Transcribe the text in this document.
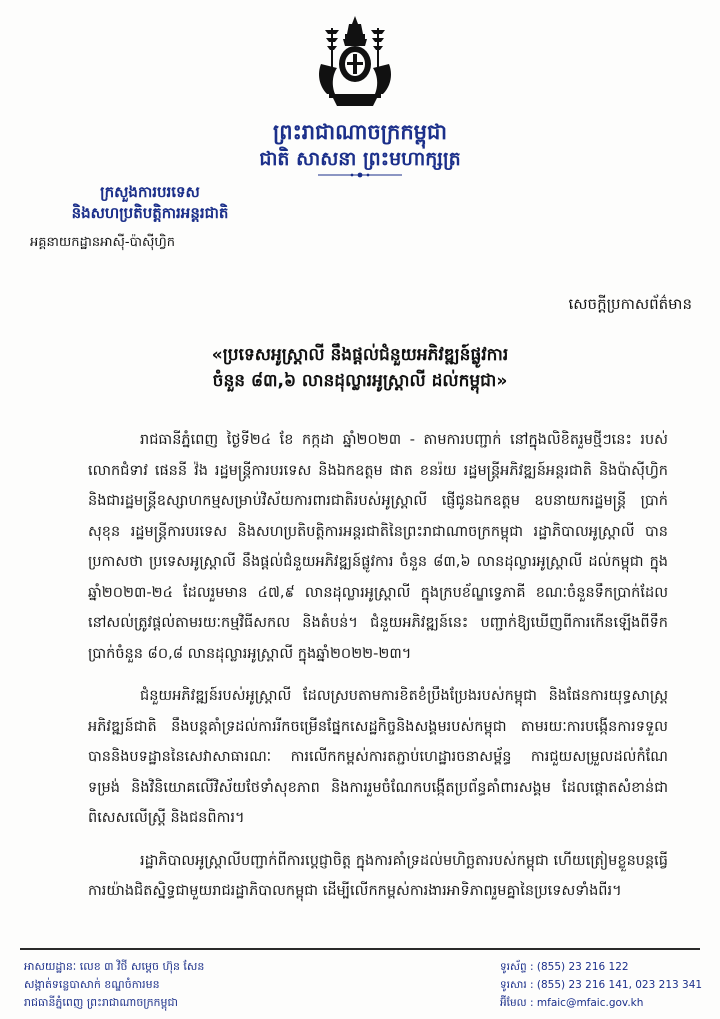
ព្រះរាជាណាចក្រកម្ពុជា
ជាតិ សាសនា ព្រះមហាក្សត្រ
ក្រសួងការបរទេស
និងសហប្រតិបត្តិការអន្តរជាតិ
អគ្គនាយកដ្ឋានអាស៊ី-ប៉ាស៊ីហ្វិក
សេចក្តីប្រកាសព័ត៌មាន
«ប្រទេសអូស្ត្រាលី នឹងផ្តល់ជំនួយអភិវឌ្ឍន៍ផ្លូវការ
ចំនួន ៨៣,៦ លានដុល្លារអូស្ត្រាលី ដល់កម្ពុជា»

រាជធានីភ្នំពេញ ថ្ងៃទី២៤ ខែ កក្កដា ឆ្នាំ២០២៣ - តាមការបញ្ជាក់ នៅក្នុងលិខិតរួមថ្មីៗនេះ របស់ លោកជំទាវ ផេននី វ៉ង រដ្ឋមន្ត្រីការបរទេស និងឯកឧត្តម ផាត ខនរ៉យ រដ្ឋមន្ត្រីអភិវឌ្ឍន៍អន្តរជាតិ និងប៉ាស៊ីហ្វិក និងជារដ្ឋមន្ត្រីឧស្សាហកម្មសម្រាប់វិស័យការពារជាតិរបស់អូស្ត្រាលី ផ្ញើជូនឯកឧត្តម ឧបនាយករដ្ឋមន្ត្រី ប្រាក់ សុខុន រដ្ឋមន្ត្រីការបរទេស និងសហប្រតិបត្តិការអន្តរជាតិនៃព្រះរាជាណាចក្រកម្ពុជា រដ្ឋាភិបាលអូស្ត្រាលី បានប្រកាសថា ប្រទេសអូស្ត្រាលី នឹងផ្តល់ជំនួយអភិវឌ្ឍន៍ផ្លូវការ ចំនួន ៨៣,៦ លានដុល្លារអូស្ត្រាលី ដល់កម្ពុជា ក្នុងឆ្នាំ២០២៣-២៤ ដែលរួមមាន ៤៧,៩ លានដុល្លារអូស្ត្រាលី ក្នុងក្របខ័ណ្ឌទ្វេភាគី ខណៈចំនួនទឹកប្រាក់ដែលនៅសល់ត្រូវផ្តល់តាមរយៈកម្មវិធីសកល និងតំបន់។ ជំនួយអភិវឌ្ឍន៍នេះ បញ្ជាក់ឱ្យឃើញពីការកើនឡើងពីទឹកប្រាក់ចំនួន ៨០,៨ លានដុល្លារអូស្ត្រាលី ក្នុងឆ្នាំ២០២២-២៣។

ជំនួយអភិវឌ្ឍន៍របស់អូស្ត្រាលី ដែលស្របតាមការខិតខំប្រឹងប្រែងរបស់កម្ពុជា និងផែនការយុទ្ធសាស្ត្រអភិវឌ្ឍន៍ជាតិ នឹងបន្តគាំទ្រដល់ការរីកចម្រើនផ្នែកសេដ្ឋកិច្ចនិងសង្គមរបស់កម្ពុជា តាមរយៈការបង្កើនការទទួលបាននិងបទដ្ឋាននៃសេវាសាធារណៈ ការលើកកម្ពស់ការតភ្ជាប់ហេដ្ឋារចនាសម្ព័ន្ធ ការជួយសម្រួលដល់កំណែទម្រង់ និងវិនិយោគលើវិស័យថែទាំសុខភាព និងការរួមចំណែកបង្កើតប្រព័ន្ធគាំពារសង្គម ដែលផ្តោតសំខាន់ជាពិសេសលើស្ត្រី និងជនពិការ។

រដ្ឋាភិបាលអូស្ត្រាលីបញ្ជាក់ពីការប្តេជ្ញាចិត្ត ក្នុងការគាំទ្រដល់មហិច្ឆតារបស់កម្ពុជា ហើយត្រៀមខ្លួនបន្តធ្វើការយ៉ាងជិតស្និទ្ធជាមួយរាជរដ្ឋាភិបាលកម្ពុជា ដើម្បីលើកកម្ពស់ការងារអាទិភាពរួមគ្នានៃប្រទេសទាំងពីរ។

អាសយដ្ឋានៈ លេខ ៣ វិថី សម្តេច ហ៊ុន សែន
សង្កាត់ទន្លេបាសាក់ ខណ្ឌចំការមន
រាជធានីភ្នំពេញ ព្រះរាជាណាចក្រកម្ពុជា
ទូរស័ព្ទ : (855) 23 216 122
ទូរសារ : (855) 23 216 141, 023 213 341
អ៊ីមែល : mfaic@mfaic.gov.kh
